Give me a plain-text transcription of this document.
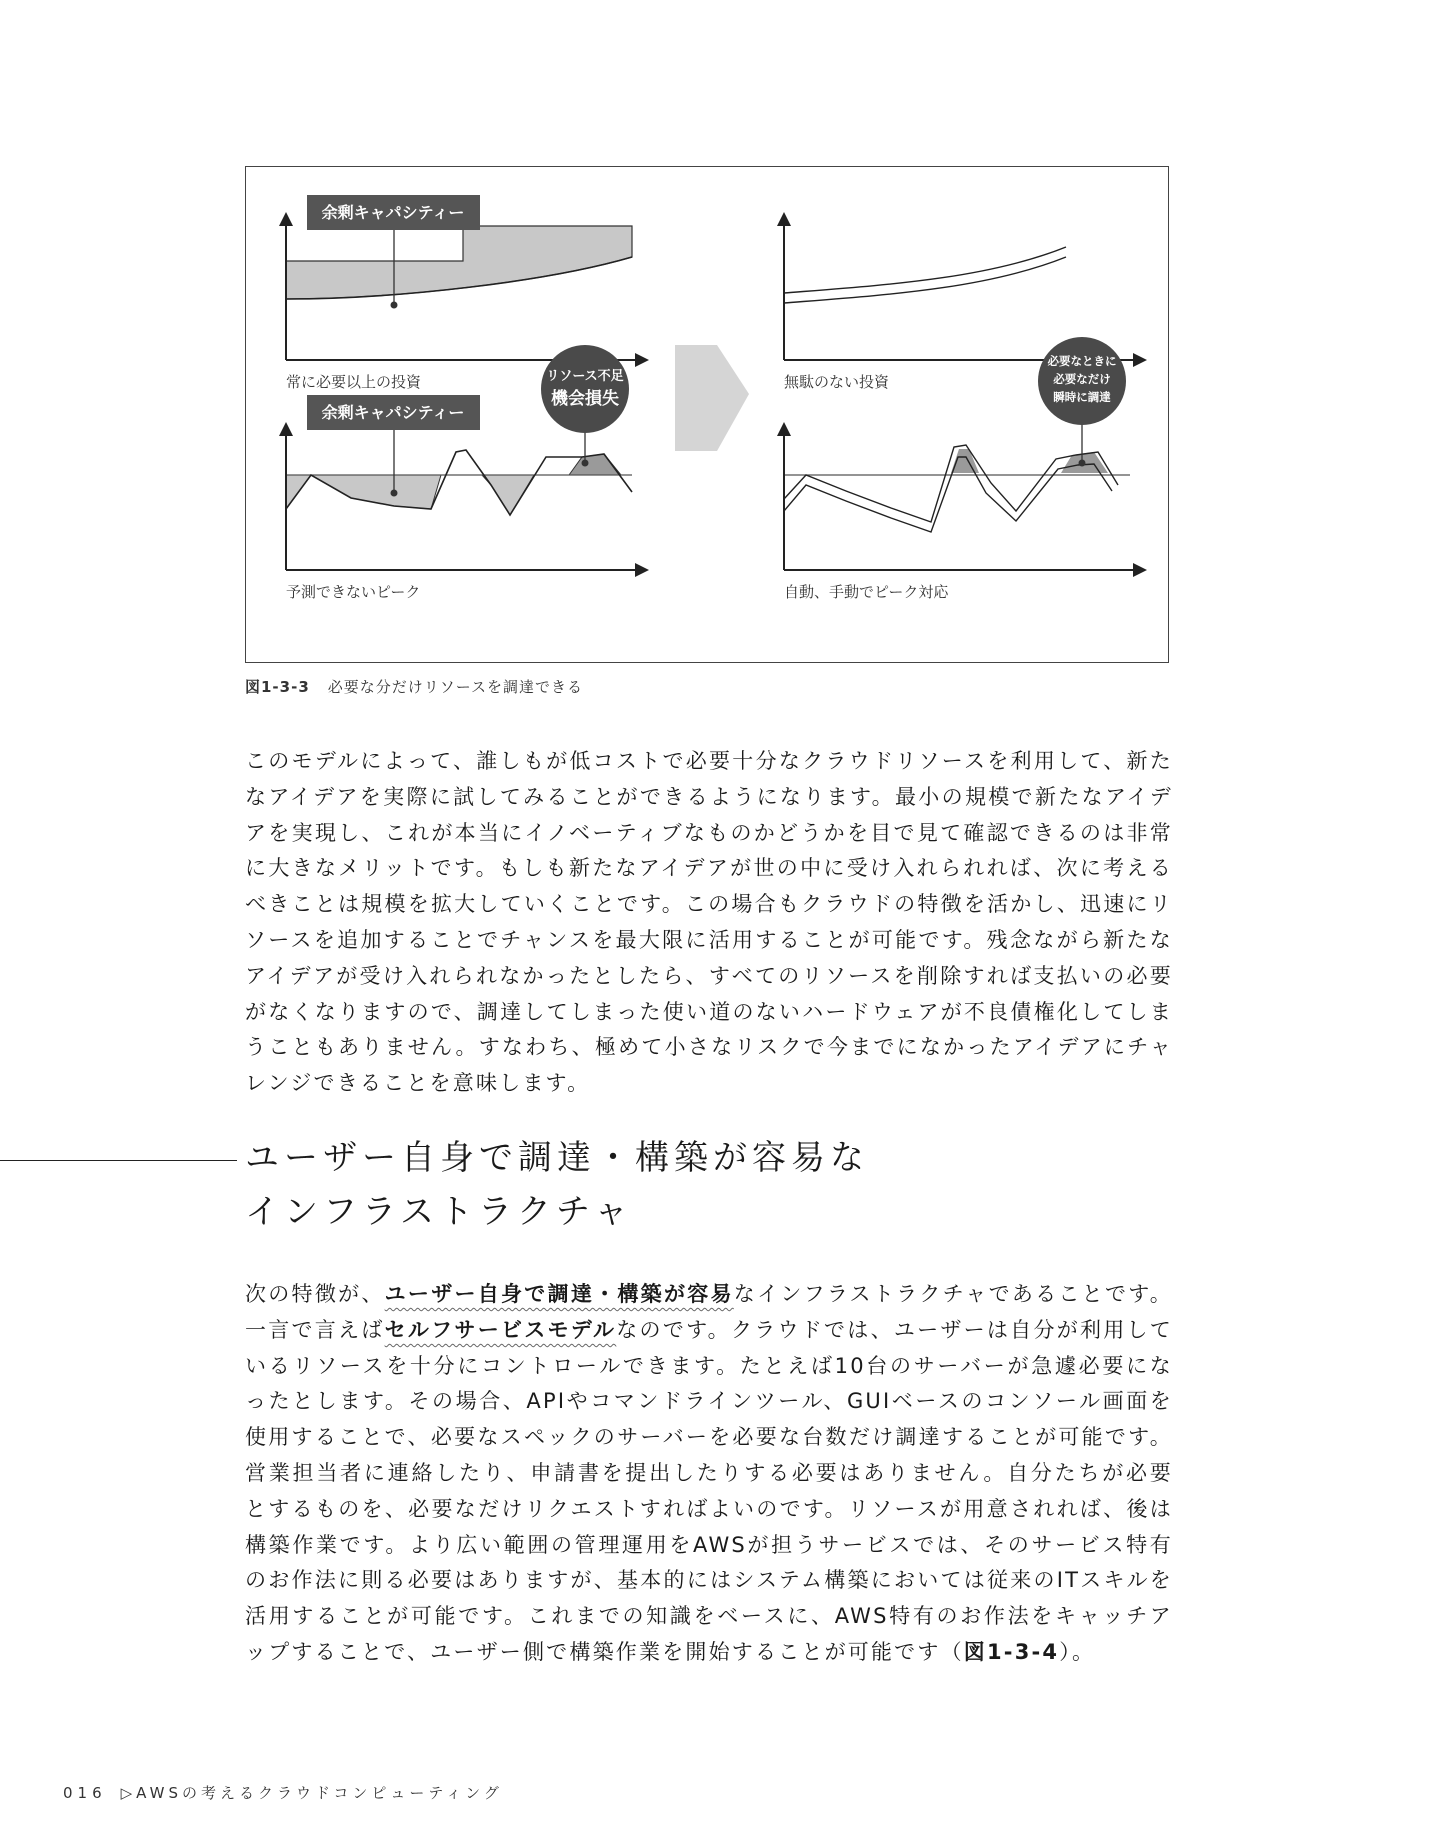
余剰キャパシティー
常に必要以上の投資
余剰キャパシティー
リソース不足
機会損失
予測できないピーク
無駄のない投資
必要なときに
必要なだけ
瞬時に調達
自動、手動でピーク対応
図1-3-3 必要な分だけリソースを調達できる

このモデルによって、誰しもが低コストで必要十分なクラウドリソースを利用して、新たなアイデアを実際に試してみることができるようになります。最小の規模で新たなアイデアを実現し、これが本当にイノベーティブなものかどうかを目で見て確認できるのは非常に大きなメリットです。もしも新たなアイデアが世の中に受け入れられれば、次に考えるべきことは規模を拡大していくことです。この場合もクラウドの特徴を活かし、迅速にリソースを追加することでチャンスを最大限に活用することが可能です。残念ながら新たなアイデアが受け入れられなかったとしたら、すべてのリソースを削除すれば支払いの必要がなくなりますので、調達してしまった使い道のないハードウェアが不良債権化してしまうこともありません。すなわち、極めて小さなリスクで今までになかったアイデアにチャレンジできることを意味します。

ユーザー自身で調達・構築が容易な
インフラストラクチャ

次の特徴が、ユーザー自身で調達・構築が容易なインフラストラクチャであることです。一言で言えばセルフサービスモデルなのです。クラウドでは、ユーザーは自分が利用しているリソースを十分にコントロールできます。たとえば10台のサーバーが急遽必要になったとします。その場合、APIやコマンドラインツール、GUIベースのコンソール画面を使用することで、必要なスペックのサーバーを必要な台数だけ調達することが可能です。営業担当者に連絡したり、申請書を提出したりする必要はありません。自分たちが必要とするものを、必要なだけリクエストすればよいのです。リソースが用意されれば、後は構築作業です。より広い範囲の管理運用をAWSが担うサービスでは、そのサービス特有のお作法に則る必要はありますが、基本的にはシステム構築においては従来のITスキルを活用することが可能です。これまでの知識をベースに、AWS特有のお作法をキャッチアップすることで、ユーザー側で構築作業を開始することが可能です（図1-3-4）。

016 ▷AWSの考えるクラウドコンピューティング
